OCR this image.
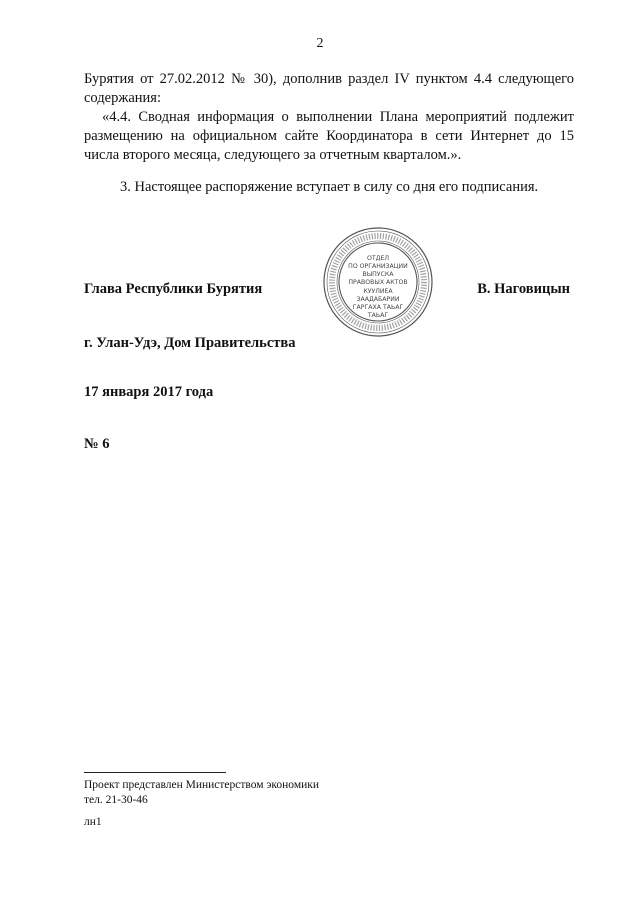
2

Бурятия от 27.02.2012 № 30), дополнив раздел IV пунктом 4.4 следующего содержания:

«4.4. Сводная информация о выполнении Плана мероприятий подлежит размещению на официальном сайте Координатора в сети Интернет до 15 числа второго месяца, следующего за отчетным кварталом.».

3. Настоящее распоряжение вступает в силу со дня его подписания.

Глава Республики Бурятия	В. Наговицын
ОТДЕЛ
ПО ОРГАНИЗАЦИИ
ВЫПУСКА
ПРАВОВЫХ АКТОВ
КУУЛИЕА
ЗААДАБАРИИ
ГАРГАХА ТАЬАГ
ТАЬАГ
г. Улан-Удэ, Дом Правительства
17 января 2017 года
№ 6
Проект представлен Министерством экономики
тел. 21-30-46
лн1
